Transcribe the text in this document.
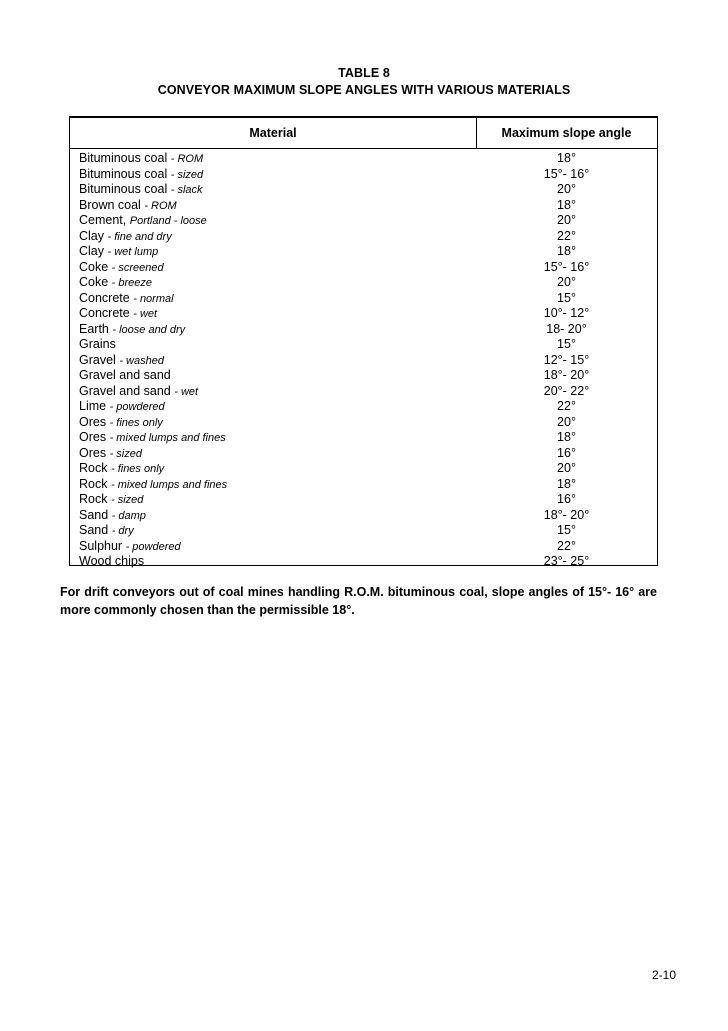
TABLE 8
CONVEYOR MAXIMUM SLOPE ANGLES WITH VARIOUS MATERIALS
Material	Maximum slope angle
Bituminous coal - ROM	18°
Bituminous coal - sized	15°- 16°
Bituminous coal - slack	20°
Brown coal - ROM	18°
Cement, Portland - loose	20°
Clay - fine and dry	22°
Clay - wet lump	18°
Coke - screened	15°- 16°
Coke - breeze	20°
Concrete - normal	15°
Concrete - wet	10°- 12°
Earth - loose and dry	18- 20°
Grains	15°
Gravel - washed	12°- 15°
Gravel and sand	18°- 20°
Gravel and sand - wet	20°- 22°
Lime - powdered	22°
Ores - fines only	20°
Ores - mixed lumps and fines	18°
Ores - sized	16°
Rock - fines only	20°
Rock - mixed lumps and fines	18°
Rock - sized	16°
Sand - damp	18°- 20°
Sand - dry	15°
Sulphur - powdered	22°
Wood chips	23°- 25°
For drift conveyors out of coal mines handling R.O.M. bituminous coal, slope angles of 15°- 16° are more commonly chosen than the permissible 18°.
2-10
